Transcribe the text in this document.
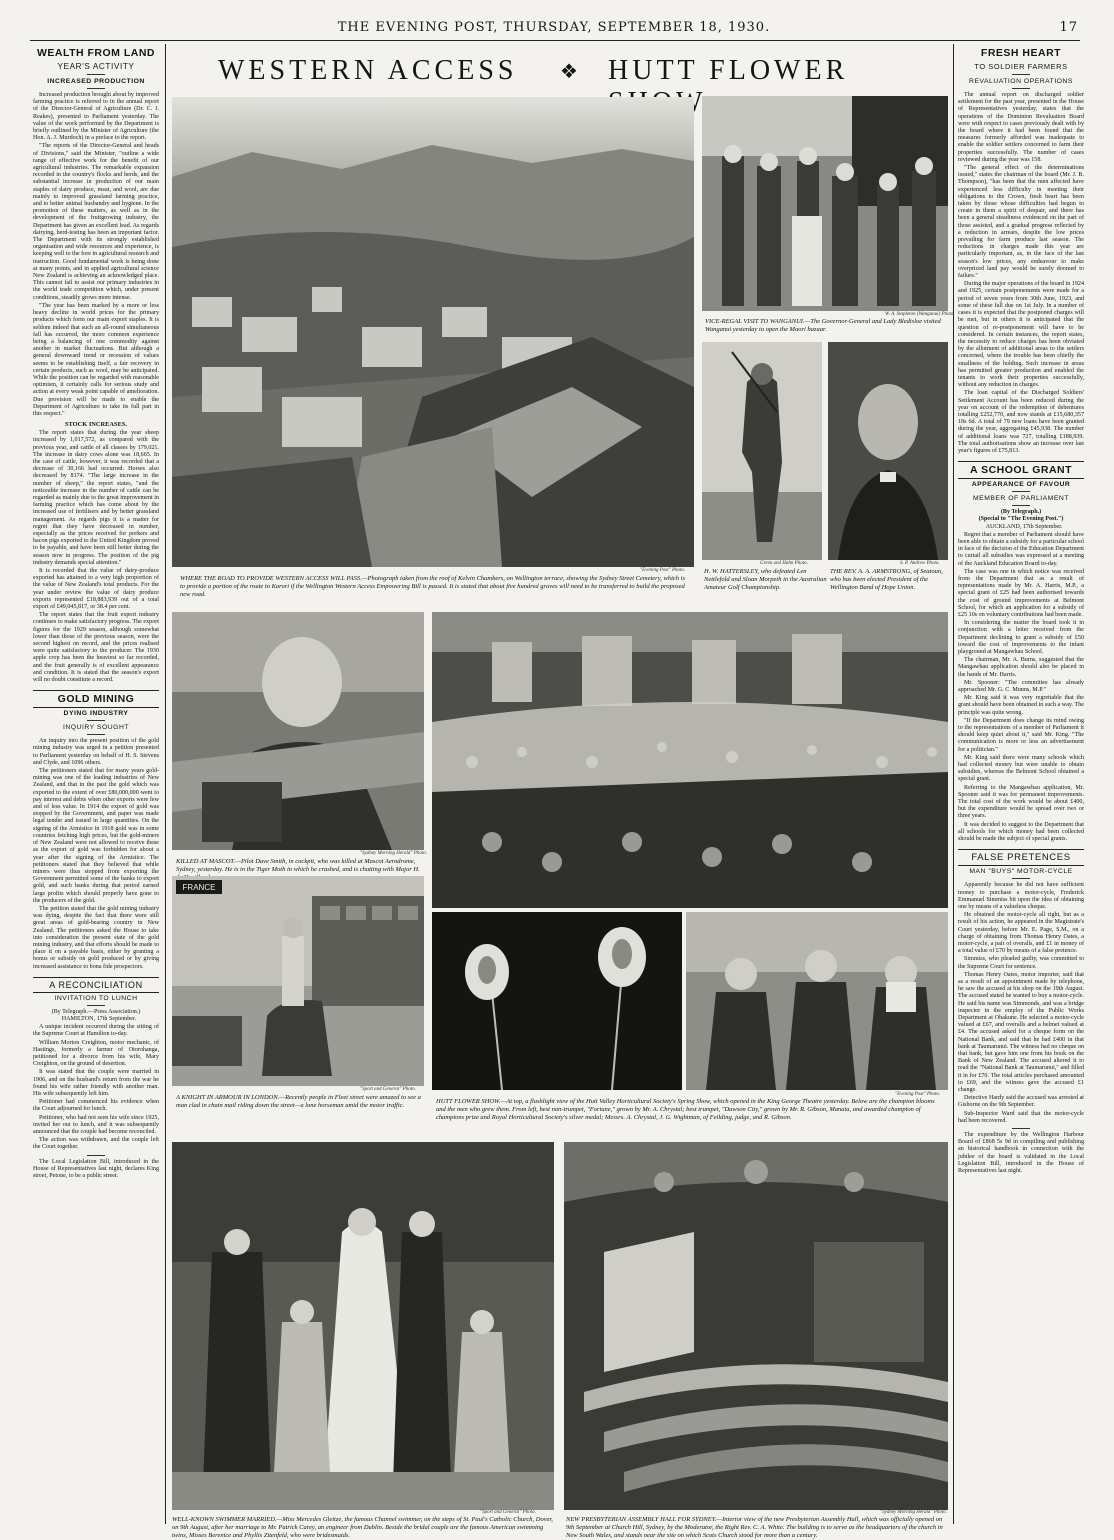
THE EVENING POST, THURSDAY, SEPTEMBER 18, 1930.	17
WESTERN ACCESS ❖ HUTT FLOWER
WEALTH FROM LAND
YEAR'S ACTIVITY
INCREASED PRODUCTION

Increased production brought about by improved farming practice is referred to in the annual report of the Director-General of Agriculture (Dr. C. J. Reakes), presented to Parliament yesterday. The value of the work performed by the Department is briefly outlined by the Minister of Agriculture (the Hon. A. J. Murdoch) in a preface to the report.

"The reports of the Director-General and heads of Divisions," said the Minister, "outline a wide range of effective work for the benefit of our agricultural industries. The remarkable expansion recorded in the country's flocks and herds, and the substantial increase in production of our main staples of dairy produce, meat, and wool, are due mainly to improved grassland farming practice, and to better animal husbandry and hygiene. In the promotion of these matters, as well as in the development of the fruitgrowing industry, the Department has given an excellent lead. As regards dairying, herd-testing has been an important factor. The Department with its strongly established organisation and wide resources and experience, is keeping well to the fore in agricultural research and instruction. Good fundamental work is being done at many points, and in applied agricultural science New Zealand is achieving an acknowledged place. This cannot fail to assist our primary industries in the world trade competition which, under present conditions, steadily grows more intense.

"The year has been marked by a more or less heavy decline in world prices for the primary products which form our main export staples. It is seldom indeed that such an all-round simultaneous fall has occurred, the more common experience being a balancing of one commodity against another in market fluctuations. But although a general downward trend or recession of values seems to be establishing itself, a fair recovery in certain products, such as wool, may be anticipated. While the position can be regarded with reasonable optimism, it certainly calls for serious study and action at every weak point capable of amelioration. Due provision will be made to enable the Department of Agriculture to take its full part in this respect."

STOCK INCREASES.

The report states that during the year sheep increased by 1,017,572, as compared with the previous year, and cattle of all classes by 179,021. The increase in dairy cows alone was 18,665. In the case of cattle, however, it was recorded that a decrease of 30,166 had occurred. Horses also decreased by 8174. "The large increase in the number of sheep," the report states, "and the noticeable increase in the number of cattle can be regarded as mainly due to the great improvement in farming practice which has come about by the increased use of fertilisers and by better grassland management. As regards pigs it is a matter for regret that they have decreased in number, especially as the prices received for porkers and bacon pigs exported to the United Kingdom proved to be payable, and have been still better during the season now in progress. The position of the pig industry demands special attention."

It is recorded that the value of dairy-produce exported has attained to a very high proportion of the value of New Zealand's total products. For the year under review the value of dairy produce exports represented £18,883,939 out of a total export of £49,045,817, or 38.4 per cent.

The report states that the fruit export industry continues to make satisfactory progress. The export figures for the 1929 season, although somewhat lower than those of the previous season, were the second highest on record, and the prices realised were quite satisfactory to the producer. The 1930 apple crop has been the heaviest so far recorded, and the fruit generally is of excellent appearance and condition. It is stated that the season's export will no doubt constitute a record.

GOLD MINING
DYING INDUSTRY
INQUIRY SOUGHT

An inquiry into the present position of the gold mining industry was urged in a petition presented to Parliament yesterday on behalf of H. S. Stevens and Clyde, and 1096 others.

The petitioners stated that for many years gold-mining was one of the leading industries of New Zealand, and that in the past the gold which was exported to the extent of over £80,000,000 went to pay interest and debts when other exports were few and of less value. In 1914 the export of gold was stopped by the Government, and paper was made legal tender and issued in large quantities. On the signing of the Armistice in 1918 gold was in some countries fetching high prices, but the gold-miners of New Zealand were not allowed to receive these as the export of gold was forbidden for about a year after the signing of the Armistice. The petitioners stated that they believed that while miners were thus stopped from exporting the Government permitted some of the banks to export gold, and such banks during that period earned large profits which should properly have gone to the producers of the gold.

The petition stated that the gold mining industry was dying, despite the fact that there were still great areas of gold-bearing country in New Zealand. The petitioners asked the House to take into consideration the present state of the gold mining industry, and that efforts should be made to place it on a payable basis, either by granting a bonus or subsidy on gold produced or by giving increased assistance to bona fide prospectors.

A RECONCILIATION
INVITATION TO LUNCH
(By Telegraph.—Press Association.)

HAMILTON, 17th September.

A unique incident occurred during the sitting of the Supreme Court at Hamilton to-day.

William Morton Creighton, motor mechanic, of Hastings, formerly a farmer of Otorohanga, petitioned for a divorce from his wife, Mary Creighton, on the ground of desertion.

It was stated that the couple were married in 1906, and on the husband's return from the war he found his wife rather friendly with another man. His wife subsequently left him.

Petitioner had commenced his evidence when the Court adjourned for lunch.

Petitioner, who had not seen his wife since 1925, invited her out to lunch, and it was subsequently announced that the couple had become reconciled.

The action was withdrawn, and the couple left the Court together.

The Local Legislation Bill, introduced in the House of Representatives last night, declares King street, Petone, to be a public street.

FRESH HEART
TO SOLDIER FARMERS
REVALUATION OPERATIONS

The annual report on discharged soldier settlement for the past year, presented in the House of Representatives yesterday, states that the operations of the Dominion Revaluation Board were with respect to cases previously dealt with by the board where it had been found that the measures formerly afforded was inadequate to enable the soldier settlers concerned to farm their properties successfully. The number of cases reviewed during the year was 158.

"The general effect of the determinations issued," states the chairman of the board (Mr. J. B. Thompson), "has been that the men affected have experienced less difficulty in meeting their obligations to the Crown, fresh heart has been taken by those whose difficulties had begun to create in them a spirit of despair, and there has been a general steadiness evidenced on the part of those assisted, and a gradual progress reflected by a reduction in arrears, despite the low prices prevailing for farm produce last season. The reductions in charges made this year are particularly important, as, in the face of the last season's low prices, any endeavour to make overpriced land pay would be surely doomed to failure."

During the major operations of the board in 1924 and 1925, certain postponements were made for a period of seven years from 30th June, 1923, and some of these fall due on 1st July. In a number of cases it is expected that the postponed charges will be met, but in others it is anticipated that the question of re-postponement will have to be considered. In certain instances, the report states, the necessity to reduce charges has been obviated by the allotment of additional areas to the settlers concerned, where the trouble has been chiefly the smallness of the holding. Such increase in areas has permitted greater production and enabled the tenants to work their properties successfully, without any reduction in charges.

The loan capital of the Discharged Soldiers' Settlement Account has been reduced during the year on account of the redemption of debentures totalling £252,770, and now stands at £15,680,357 18s 6d. A total of 79 new loans have been granted during the year, aggregating £45,938. The number of additional loans was 727, totalling £188,939. The total authorisations show an increase over last year's figures of £75,813.

A SCHOOL GRANT
APPEARANCE OF FAVOUR
MEMBER OF PARLIAMENT
(By Telegraph.)
(Special to "The Evening Post.")

AUCKLAND, 17th September.

Regret that a member of Parliament should have been able to obtain a subsidy for a particular school in face of the decision of the Education Department to curtail all subsidies was expressed at a meeting of the Auckland Education Board to-day.

The case was one in which notice was received from the Department that as a result of representations made by Mr. A. Harris, M.P., a special grant of £25 had been authorised towards the cost of ground improvements at Belmont School, for which an application for a subsidy of £25 10s on voluntary contributions had been made.

In considering the matter the board took it in conjunction with a letter received from the Department declining to grant a subsidy of £50 toward the cost of improvements to the infant playground at Mangawhau School.

The chairman, Mr. A. Burns, suggested that the Mangawhau application should also be placed in the hands of Mr. Harris.

Mr. Spooner: "The committee has already approached Mr. G. C. Munns, M.P."

Mr. King said it was very regrettable that the grant should have been obtained in such a way. The principle was quite wrong.

"If the Department does change its mind owing to the representations of a member of Parliament it should keep quiet about it," said Mr. King. "The communication is more or less an advertisement for a politician."

Mr. King said there were many schools which had collected money but were unable to obtain subsidies, whereas the Belmont School obtained a special grant.

Referring to the Mangawhau application, Mr. Spooner said it was for permanent improvements. The total cost of the work would be about £400, but the expenditure would be spread over two or three years.

It was decided to suggest to the Department that all schools for which money had been collected should be made the subject of special grants.

FALSE PRETENCES
MAN "BUYS" MOTOR-CYCLE

Apparently because he did not have sufficient money to purchase a motor-cycle, Frederick Emmanuel Simmiss bit upon the idea of obtaining one by means of a valueless cheque.

He obtained the motor-cycle all right, but as a result of his action, he appeared in the Magistrate's Court yesterday, before Mr. E. Page, S.M., on a charge of obtaining from Thomas Henry Oates, a motor-cycle, a pair of overalls, and £1 in money of a total value of £70 by means of a false pretence.

Simmiss, who pleaded guilty, was committed to the Supreme Court for sentence.

Thomas Henry Oates, motor importer, said that as a result of an appointment made by telephone, he saw the accused at his shop on the 19th August. The accused stated he wanted to buy a motor-cycle. He said his name was Simmonds, and was a bridge inspector in the employ of the Public Works Department at Ohakune. He selected a motor-cycle valued at £67, and overalls and a helmet valued at £4. The accused asked for a cheque form on the National Bank, and said that he had £400 in that bank at Taumarunui. The witness had no cheque on that bank, but gave him one from his book on the Bank of New Zealand. The accused altered it to read the "National Bank at Taumarunui," and filled it in for £70. The total articles purchased amounted to £69, and the witness gave the accused £1 change.

Detective Hardy said the accused was arrested at Gisborne on the 9th September.

Sub-Inspector Ward said that the motor-cycle had been recovered.

The expenditure by the Wellington Harbour Board of £868 5s 9d in compiling and publishing an historical handbook in connection with the jubilee of the board is validated in the Local Legislation Bill, introduced in the House of Representatives last night.

"Evening Post" Photo.
WHERE THE ROAD TO PROVIDE WESTERN ACCESS WILL PASS.—Photograph taken from the roof of Kelvin Chambers, on Wellington terrace, showing the Sydney Street Cemetery, which is to provide a portion of the route to Karori if the Wellington Western Access Empowering Bill is passed. It is stated that about five hundred graves will need to be transferred to build the proposed new road.
W. A. Stapleton (Wanganui) Photo.
VICE-REGAL VISIT TO WANGANUI.—The Governor-General and Lady Bledisloe visited Wanganui yesterday to open the Maori bazaar.
Green and Hahn Photo.
H. W. HATTERSLEY, who defeated Len Nettlefold and Sloan Morpeth in the Australian Amateur Golf Championship.
S. P. Andrew Photo.
THE REV. A. A. ARMSTRONG, of Seatoun, who has been elected President of the Wellington Band of Hope Union.
"Sydney Morning Herald" Photo.
KILLED AT MASCOT.—Pilot Dave Smith, in cockpit, who was killed at Mascot Aerodrome, Sydney, yesterday. He is in the Tiger Moth in which he crashed, and is chatting with Major H.
FRANCE
"Sport and General" Photo.
A KNIGHT IN ARMOUR IN LONDON.—Recently people in Fleet street were amazed to see a man clad in chain mail riding down the street—a lone horseman amid the motor traffic.
"Evening Post" Photo.
HUTT FLOWER SHOW.—At top, a flashlight view of the Hutt Valley Horticultural Society's Spring Show, which opened in the King George Theatre yesterday. Below are the champion blooms and the men who grew them. From left, best non-trumpet, "Fortune," grown by Mr. A. Chrystal; best trumpet, "Dawson City," grown by Mr. R. Gibson, Manaia, and awarded champion of champions prize and Royal Horticultural Society's silver medal; Messrs. A. Chrystal, J. G. Wightman, of Feilding, judge, and R. Gibson.
"Sport and General" Photo.
WELL-KNOWN SWIMMER MARRIED.—Miss Mercedes Gleitze, the famous Channel swimmer, on the steps of St. Paul's Catholic Church, Dover, on 9th August, after her marriage to Mr. Patrick Carey, an engineer from Dublin. Beside the bridal couple are the famous American swimming twins, Misses Berenice and Phyllis Zitenfeld, who were bridesmaids.
"Sydney Morning Herald" Photo.
NEW PRESBYTERIAN ASSEMBLY HALL FOR SYDNEY.—Interior view of the new Presbyterian Assembly Hall, which was officially opened on 9th September at Church Hill, Sydney, by the Moderator, the Right Rev. C. A. White. The building is to serve as the headquarters of the church in New South Wales, and stands near the site on which Scots Church stood for more than a century.
